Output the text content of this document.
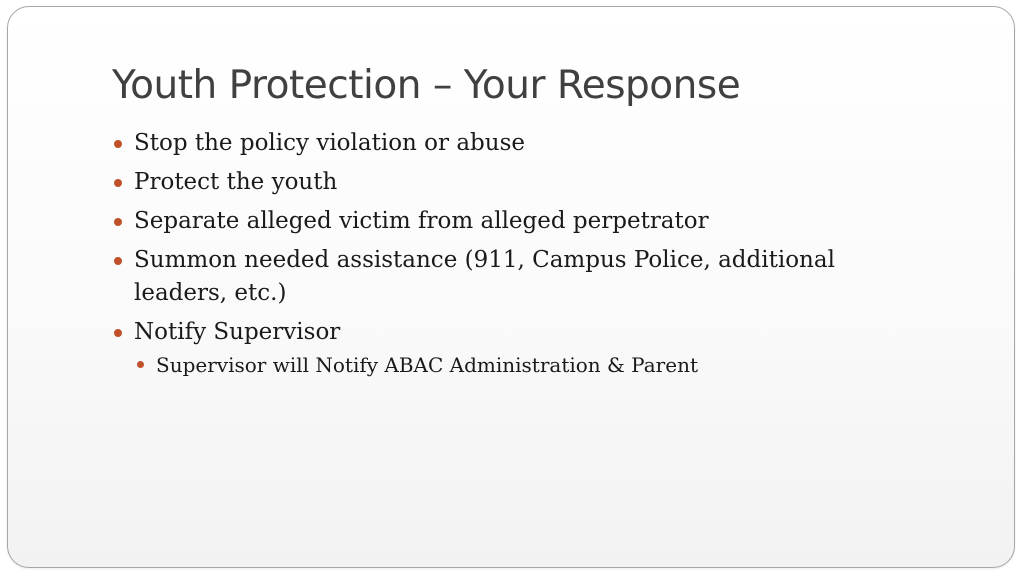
Youth Protection – Your Response
Stop the policy violation or abuse
Protect the youth
Separate alleged victim from alleged perpetrator
Summon needed assistance (911, Campus Police, additional leaders, etc.)
Notify Supervisor
Supervisor will Notify ABAC Administration & Parent
